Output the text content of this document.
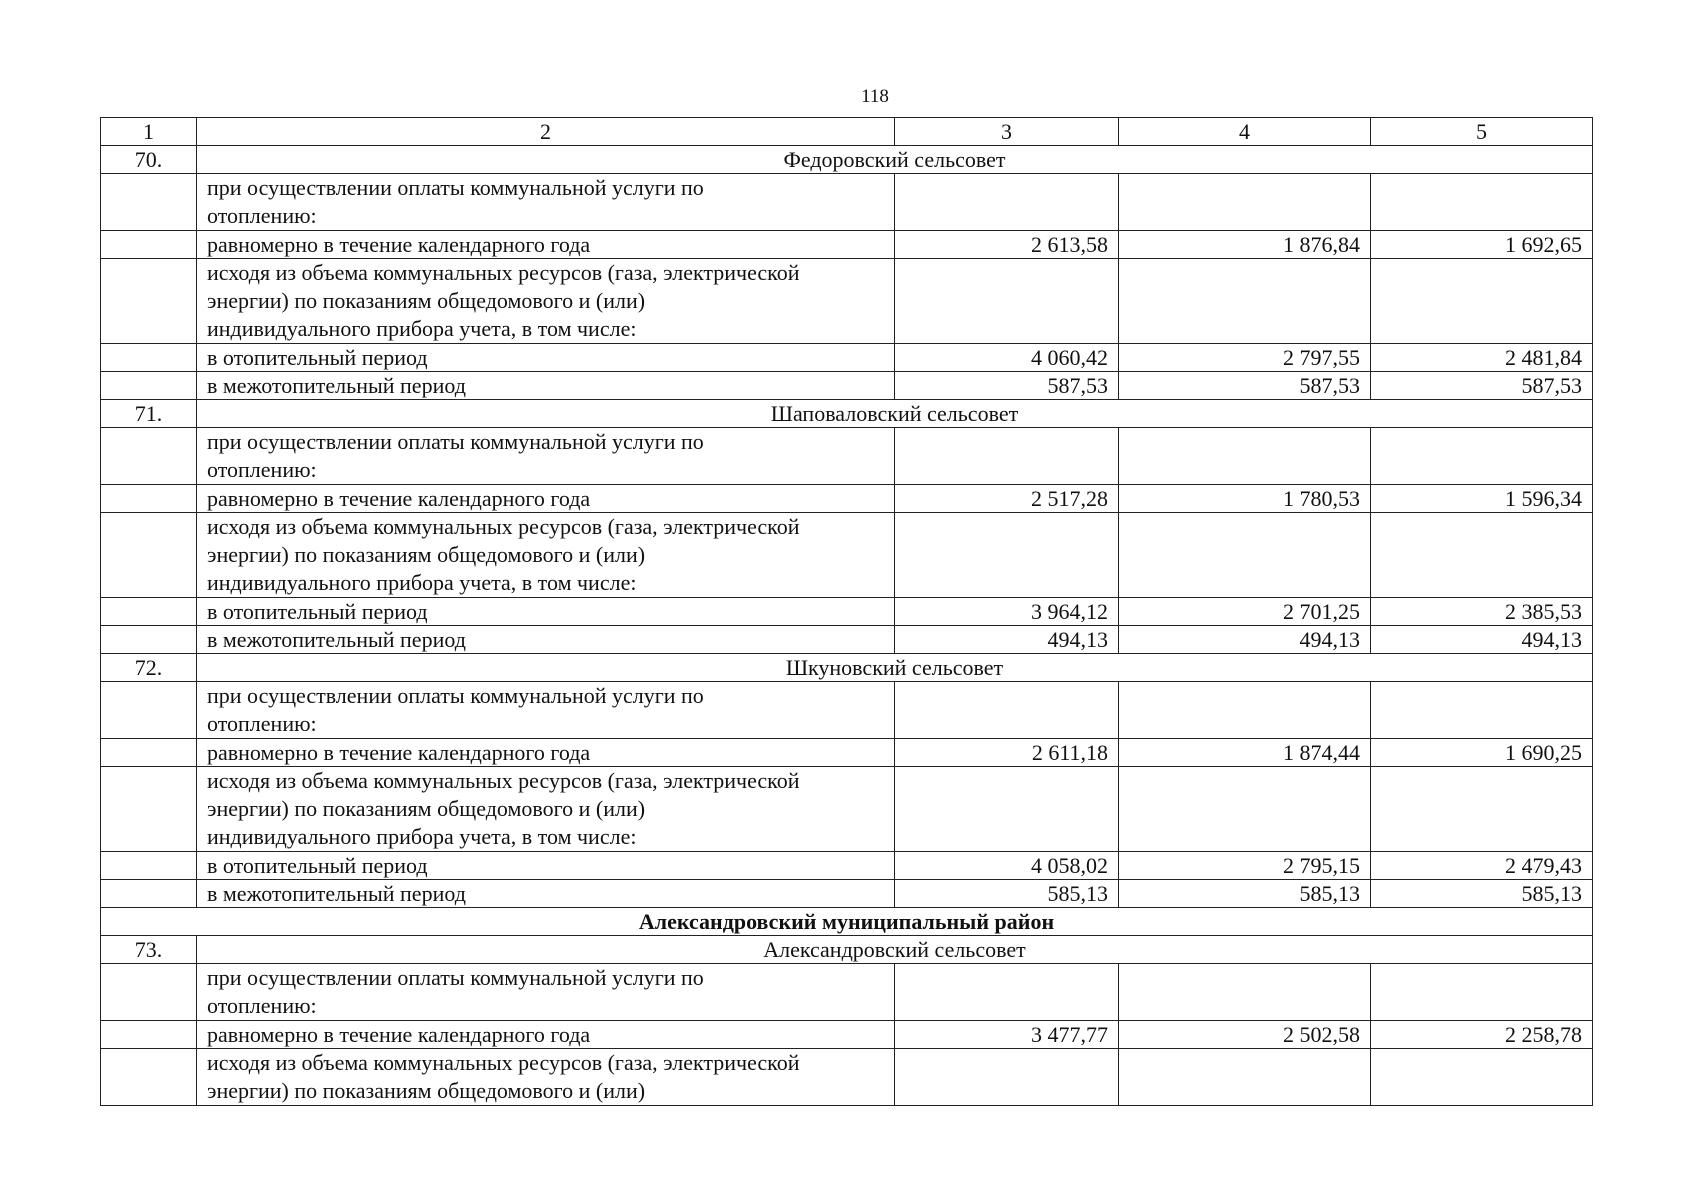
118
1	2	3	4	5
70.	Федоровский сельсовет			

	при осуществлении оплаты коммунальной услуги по
отоплению:			

	равномерно в течение календарного года	2 613,58	1 876,84	1 692,65

	исходя из объема коммунальных ресурсов (газа, электрической
энергии) по показаниям общедомового и (или)
индивидуального прибора учета, в том числе:			

	в отопительный период	4 060,42	2 797,55	2 481,84
	в межотопительный период	587,53	587,53	587,53
71.	Шаповаловский сельсовет			

	при осуществлении оплаты коммунальной услуги по
отоплению:			

	равномерно в течение календарного года	2 517,28	1 780,53	1 596,34

	исходя из объема коммунальных ресурсов (газа, электрической
энергии) по показаниям общедомового и (или)
индивидуального прибора учета, в том числе:			

	в отопительный период	3 964,12	2 701,25	2 385,53
	в межотопительный период	494,13	494,13	494,13
72.	Шкуновский сельсовет			

	при осуществлении оплаты коммунальной услуги по
отоплению:			

	равномерно в течение календарного года	2 611,18	1 874,44	1 690,25

	исходя из объема коммунальных ресурсов (газа, электрической
энергии) по показаниям общедомового и (или)
индивидуального прибора учета, в том числе:			

	в отопительный период	4 058,02	2 795,15	2 479,43
	в межотопительный период	585,13	585,13	585,13
Александровский муниципальный район				
73.	Александровский сельсовет			

	при осуществлении оплаты коммунальной услуги по
отоплению:			

	равномерно в течение календарного года	3 477,77	2 502,58	2 258,78

	исходя из объема коммунальных ресурсов (газа, электрической
энергии) по показаниям общедомового и (или)			
